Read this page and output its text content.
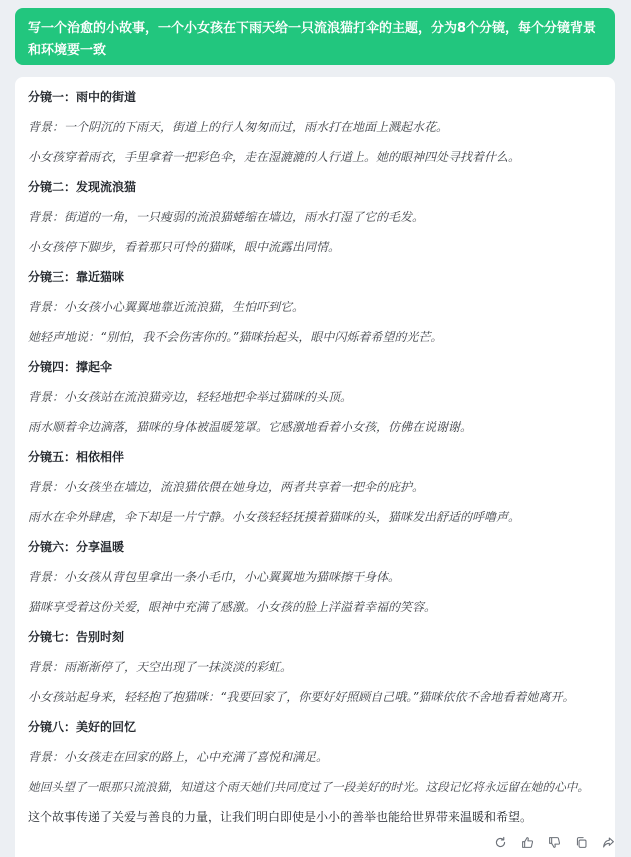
写一个治愈的小故事，一个小女孩在下雨天给一只流浪猫打伞的主题，分为8个分镜，每个分镜背景和环境要一致
分镜一：雨中的街道
背景：一个阴沉的下雨天，街道上的行人匆匆而过，雨水打在地面上溅起水花。
小女孩穿着雨衣，手里拿着一把彩色伞，走在湿漉漉的人行道上。她的眼神四处寻找着什么。
分镜二：发现流浪猫
背景：街道的一角，一只瘦弱的流浪猫蜷缩在墙边，雨水打湿了它的毛发。
小女孩停下脚步，看着那只可怜的猫咪，眼中流露出同情。
分镜三：靠近猫咪
背景：小女孩小心翼翼地靠近流浪猫，生怕吓到它。
她轻声地说：“别怕，我不会伤害你的。”猫咪抬起头，眼中闪烁着希望的光芒。
分镜四：撑起伞
背景：小女孩站在流浪猫旁边，轻轻地把伞举过猫咪的头顶。
雨水顺着伞边滴落，猫咪的身体被温暖笼罩。它感激地看着小女孩，仿佛在说谢谢。
分镜五：相依相伴
背景：小女孩坐在墙边，流浪猫依偎在她身边，两者共享着一把伞的庇护。
雨水在伞外肆虐，伞下却是一片宁静。小女孩轻轻抚摸着猫咪的头，猫咪发出舒适的呼噜声。
分镜六：分享温暖
背景：小女孩从背包里拿出一条小毛巾，小心翼翼地为猫咪擦干身体。
猫咪享受着这份关爱，眼神中充满了感激。小女孩的脸上洋溢着幸福的笑容。
分镜七：告别时刻
背景：雨渐渐停了，天空出现了一抹淡淡的彩虹。
小女孩站起身来，轻轻抱了抱猫咪：“我要回家了，你要好好照顾自己哦。”猫咪依依不舍地看着她离开。
分镜八：美好的回忆
背景：小女孩走在回家的路上，心中充满了喜悦和满足。
她回头望了一眼那只流浪猫，知道这个雨天她们共同度过了一段美好的时光。这段记忆将永远留在她的心中。
这个故事传递了关爱与善良的力量，让我们明白即使是小小的善举也能给世界带来温暖和希望。
